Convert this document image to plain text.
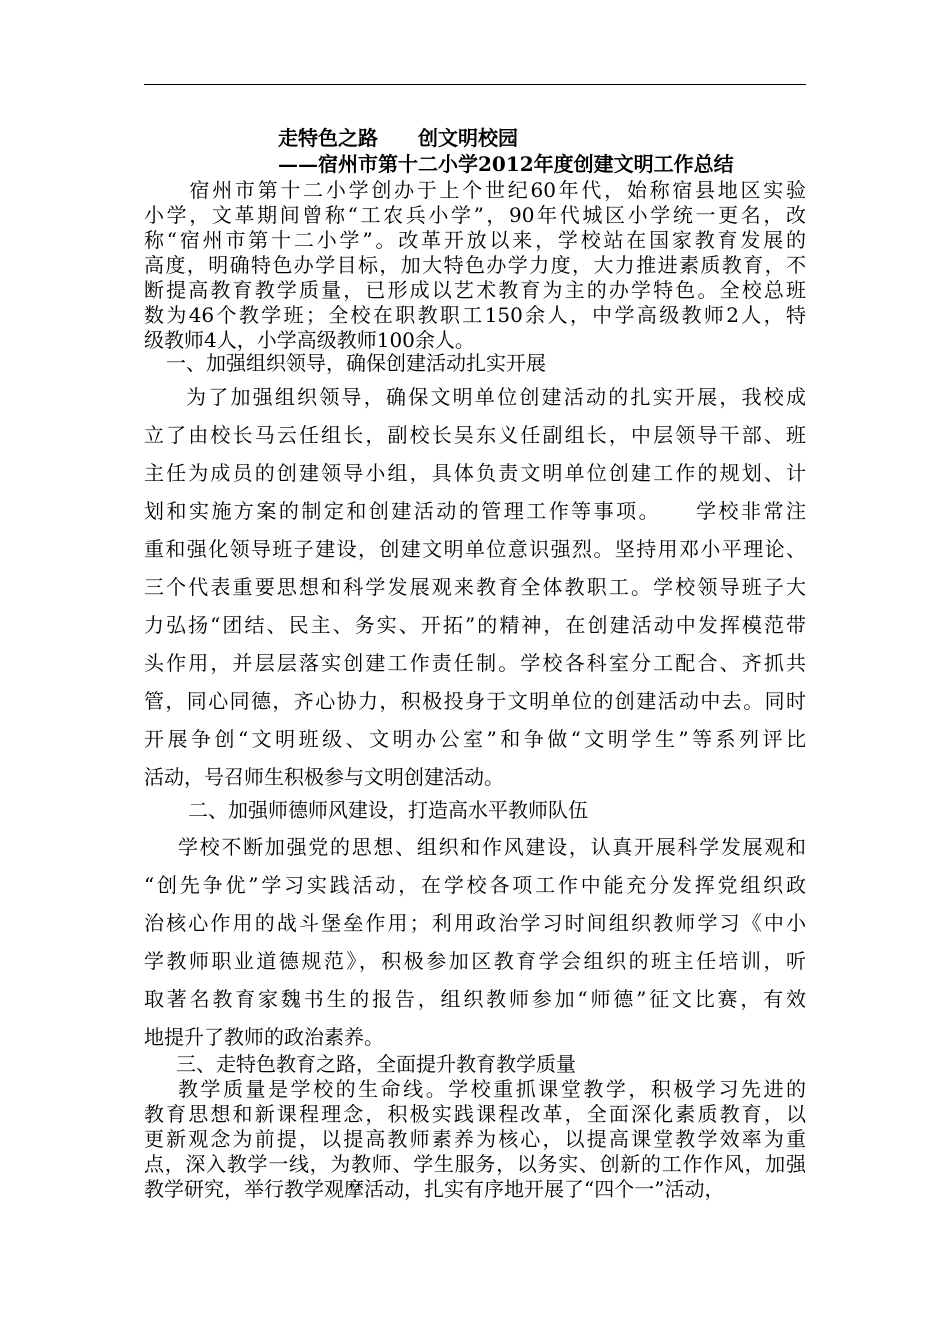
走特色之路　　创文明校园
——宿州市第十二小学2012年度创建文明工作总结
　　宿州市第十二小学创办于上个世纪60年代，始称宿县地区实验
小学，文革期间曾称“工农兵小学”，90年代城区小学统一更名，改
称“宿州市第十二小学”。改革开放以来，学校站在国家教育发展的
高度，明确特色办学目标，加大特色办学力度，大力推进素质教育，不
断提高教育教学质量，已形成以艺术教育为主的办学特色。全校总班
数为46个教学班；全校在职教职工150余人，中学高级教师2人，特
级教师4人，小学高级教师100余人。
一、加强组织领导，确保创建活动扎实开展
为了加强组织领导，确保文明单位创建活动的扎实开展，我校成
立了由校长马云任组长，副校长吴东义任副组长，中层领导干部、班
主任为成员的创建领导小组，具体负责文明单位创建工作的规划、计
划和实施方案的制定和创建活动的管理工作等事项。　　学校非常注
重和强化领导班子建设，创建文明单位意识强烈。坚持用邓小平理论、
三个代表重要思想和科学发展观来教育全体教职工。学校领导班子大
力弘扬“团结、民主、务实、开拓”的精神，在创建活动中发挥模范带
头作用，并层层落实创建工作责任制。学校各科室分工配合、齐抓共
管，同心同德，齐心协力，积极投身于文明单位的创建活动中去。同时
开展争创“文明班级、文明办公室”和争做“文明学生”等系列评比
活动，号召师生积极参与文明创建活动。
二、加强师德师风建设，打造高水平教师队伍
学校不断加强党的思想、组织和作风建设，认真开展科学发展观和
“创先争优”学习实践活动，在学校各项工作中能充分发挥党组织政
治核心作用的战斗堡垒作用；利用政治学习时间组织教师学习《中小
学教师职业道德规范》，积极参加区教育学会组织的班主任培训，听
取著名教育家魏书生的报告，组织教师参加“师德”征文比赛，有效
地提升了教师的政治素养。
三、走特色教育之路，全面提升教育教学质量
教学质量是学校的生命线。学校重抓课堂教学，积极学习先进的
教育思想和新课程理念，积极实践课程改革，全面深化素质教育，以
更新观念为前提，以提高教师素养为核心，以提高课堂教学效率为重
点，深入教学一线，为教师、学生服务，以务实、创新的工作作风，加强
教学研究，举行教学观摩活动，扎实有序地开展了“四个一”活动，
